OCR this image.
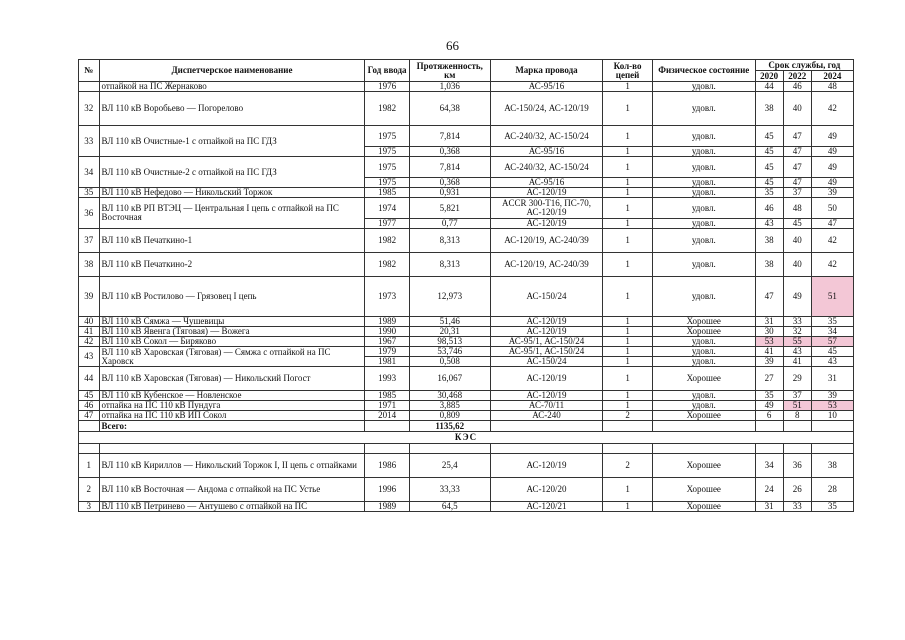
66
№	Диспетчерское наименование	Год ввода	Протяженность, км	Марка провода	Кол-во цепей	Физическое состояние	Срок службы, год		
							2020	2022	2024
	отпайкой на ПС Жернаково	1976	1,036	АС-95/16	1	удовл.	44	46	48
32	ВЛ 110 кВ Воробьево — Погорелово	1982	64,38	АС-150/24, АС-120/19	1	удовл.	38	40	42
33	ВЛ 110 кВ Очистные-1 с отпайкой на ПС ГДЗ	1975	7,814	АС-240/32, АС-150/24	1	удовл.	45	47	49
		1975	0,368	АС-95/16	1	удовл.	45	47	49
34	ВЛ 110 кВ Очистные-2 с отпайкой на ПС ГДЗ	1975	7,814	АС-240/32, АС-150/24	1	удовл.	45	47	49
		1975	0,368	АС-95/16	1	удовл.	45	47	49
35	ВЛ 110 кВ Нефедово — Никольский Торжок	1985	0,931	АС-120/19	1	удовл.	35	37	39
36	ВЛ 110 кВ РП ВТЭЦ — Центральная I цепь с отпайкой на ПС Восточная	1974	5,821	ACCR 300-T16, ПС-70, АС-120/19	1	удовл.	46	48	50
		1977	0,77	АС-120/19	1	удовл.	43	45	47
37	ВЛ 110 кВ Печаткино-1	1982	8,313	АС-120/19, АС-240/39	1	удовл.	38	40	42
38	ВЛ 110 кВ Печаткино-2	1982	8,313	АС-120/19, АС-240/39	1	удовл.	38	40	42
39	ВЛ 110 кВ Ростилово — Грязовец I цепь	1973	12,973	АС-150/24	1	удовл.	47	49	51
40	ВЛ 110 кВ Сямжа — Чушевицы	1989	51,46	АС-120/19	1	Хорошее	31	33	35
41	ВЛ 110 кВ Явенга (Тяговая) — Вожега	1990	20,31	АС-120/19	1	Хорошее	30	32	34
42	ВЛ 110 кВ Сокол — Биряково	1967	98,513	АС-95/1, АС-150/24	1	удовл.	53	55	57
43	ВЛ 110 кВ Харовская (Тяговая) — Сямжа с отпайкой на ПС Харовск	1979	53,746	АС-95/1, АС-150/24	1	удовл.	41	43	45
		1981	0,508	АС-150/24	1	удовл.	39	41	43
44	ВЛ 110 кВ Харовская (Тяговая) — Никольский Погост	1993	16,067	АС-120/19	1	Хорошее	27	29	31
45	ВЛ 110 кВ Кубенское — Новленское	1985	30,468	АС-120/19	1	удовл.	35	37	39
46	отпайка на ПС 110 кВ Пундуга	1971	3,885	АС-70/11	1	удовл.	49	51	53
47	отпайка на ПС 110 кВ ИП Сокол	2014	0,809	АС-240	2	Хорошее	6	8	10
	Всего:		1135,62						
КЭС									

1	ВЛ 110 кВ Кириллов — Никольский Торжок I, II цепь с отпайками	1986	25,4	АС-120/19	2	Хорошее	34	36	38
2	ВЛ 110 кВ Восточная — Андома с отпайкой на ПС Устье	1996	33,33	АС-120/20	1	Хорошее	24	26	28
3	ВЛ 110 кВ Петринево — Антушево с отпайкой на ПС	1989	64,5	АС-120/21	1	Хорошее	31	33	35
